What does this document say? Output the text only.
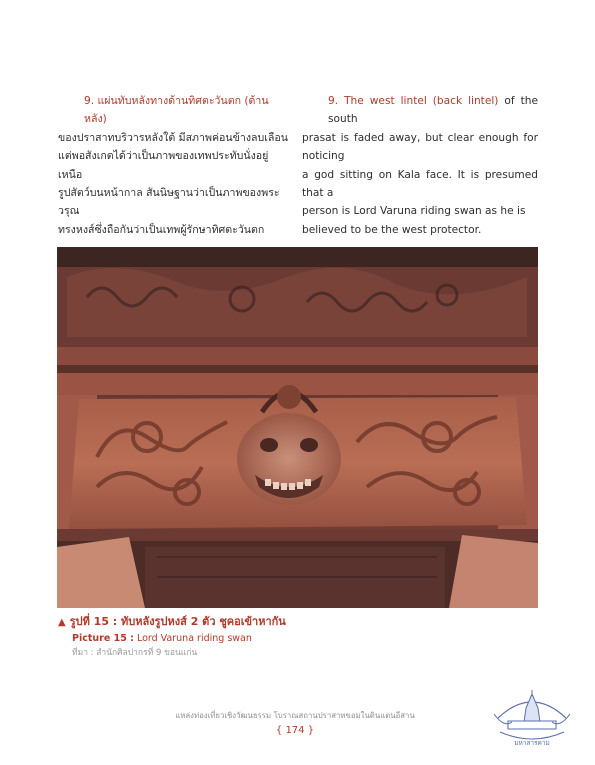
9. แผ่นทับหลังทางด้านทิศตะวันตก (ด้านหลัง)

ของปราสาทบริวารหลังใต้ มีสภาพค่อนข้างลบเลือน

แต่พอสังเกตได้ว่าเป็นภาพของเทพประทับนั่งอยู่เหนือ

รูปสัตว์บนหน้ากาล สันนิษฐานว่าเป็นภาพของพระวรุณ

ทรงหงส์ซึ่งถือกันว่าเป็นเทพผู้รักษาทิศตะวันตก

9. The west lintel (back lintel) of the south

prasat is faded away, but clear enough for noticing

a god sitting on Kala face. It is presumed that a

person is Lord Varuna riding swan as he is

believed to be the west protector.

▲ รูปที่ 15 : ทับหลังรูปหงส์ 2 ตัว ชูคอเข้าหากัน
Picture 15 : Lord Varuna riding swan
ที่มา : สำนักศิลปากรที่ 9 ขอนแก่น
แหล่งท่องเที่ยวเชิงวัฒนธรรม โบราณสถานปราสาทขอมในดินแดนอีสาน
{ 174 }
มหาสารคาม
